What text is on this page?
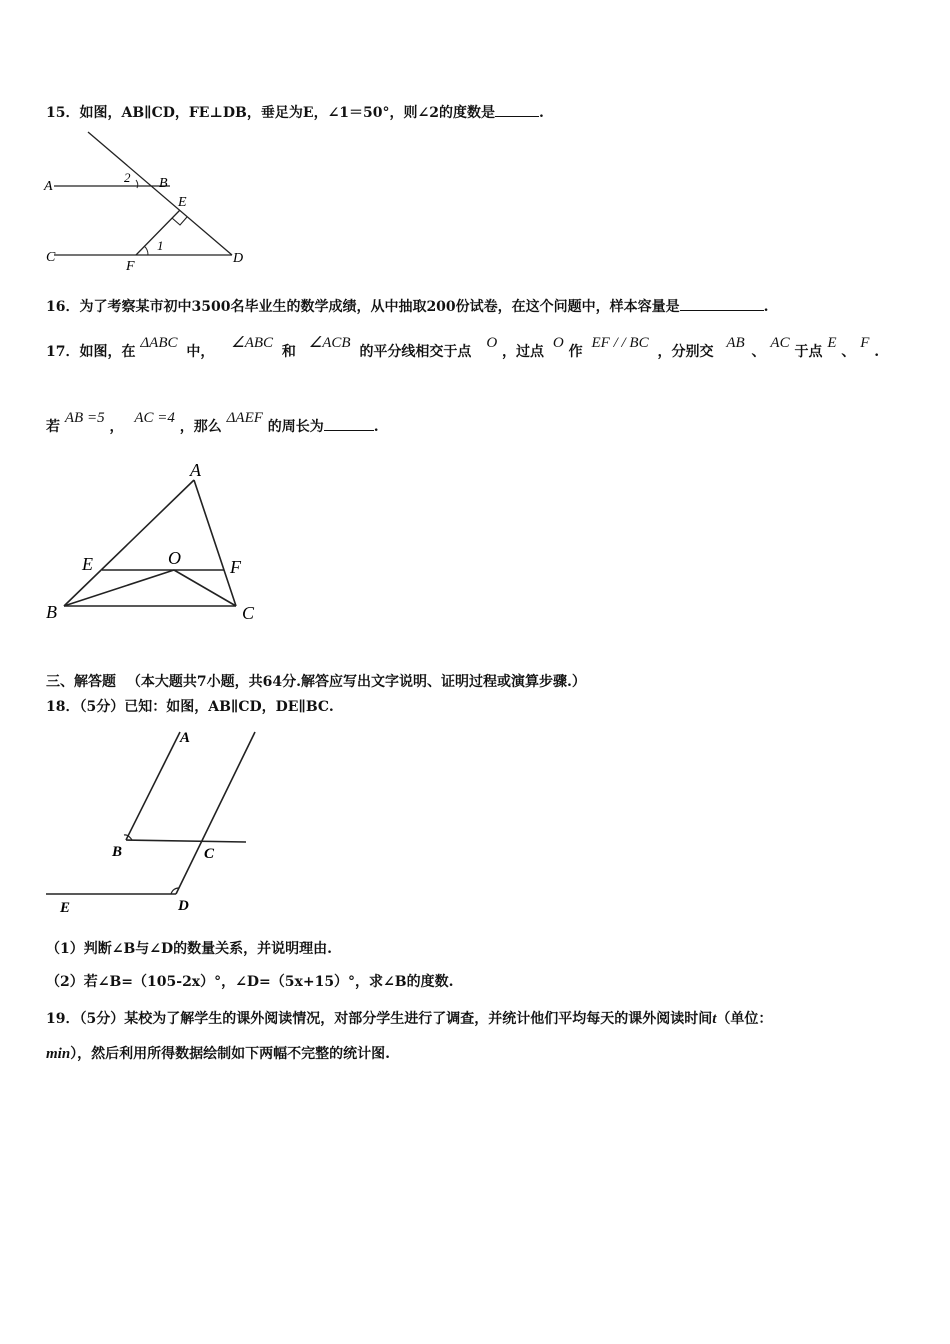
15．如图，AB∥CD，FE⊥DB，垂足为E，∠1＝50°，则∠2的度数是	.
A
2 B
E
1
C
F
D
16．为了考察某市初中3500名毕业生的数学成绩，从中抽取200份试卷，在这个问题中，样本容量是	.
17．如图，在 ΔABC 中， ∠ABC 和 ∠ACB 的平分线相交于点 O ，过点 O 作 EF / / BC ，分别交 AB 、 AC 于点 E 、 F .
若 AB =5 ， AC =4 ，那么 ΔAEF 的周长为	.
A
E	O	F
B	C
三、解答题 （本大题共7小题，共64分.解答应写出文字说明、证明过程或演算步骤.）
18．（5分）已知：如图，AB∥CD，DE∥BC.
A
B	C
D
E
（1）判断∠B与∠D的数量关系，并说明理由.
（2）若∠B=（105-2x）°，∠D=（5x+15）°，求∠B的度数.
19．（5分）某校为了解学生的课外阅读情况，对部分学生进行了调查，并统计他们平均每天的课外阅读时间t（单位：
min），然后利用所得数据绘制如下两幅不完整的统计图.
